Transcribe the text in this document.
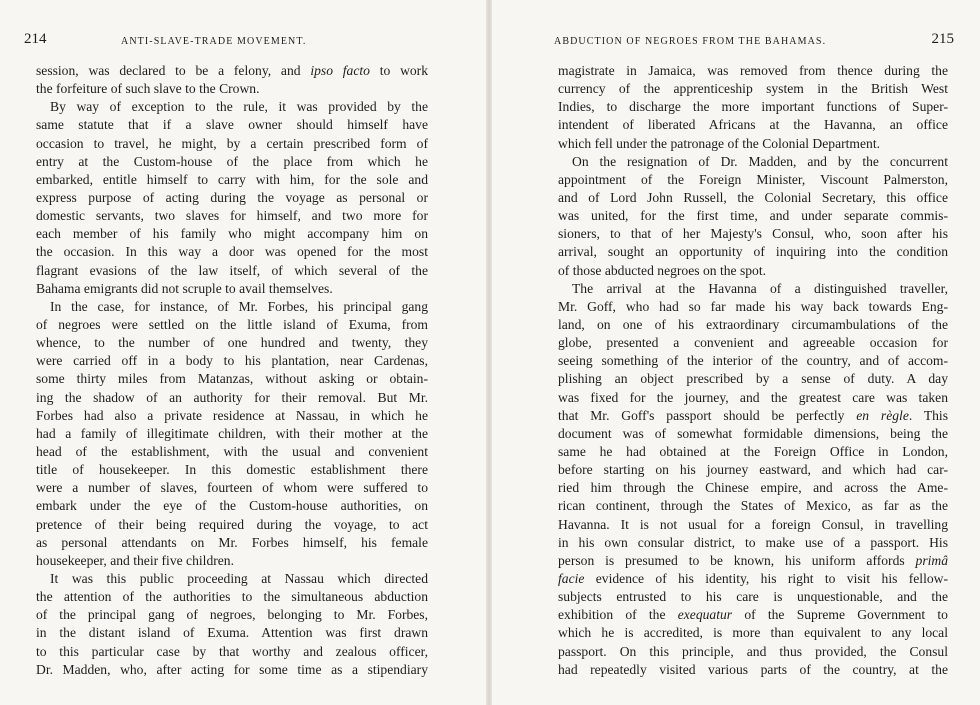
214	ANTI-SLAVE-TRADE MOVEMENT.
session, was declared to be a felony, and ipso facto to work
the forfeiture of such slave to the Crown.
By way of exception to the rule, it was provided by the
same statute that if a slave owner should himself have
occasion to travel, he might, by a certain prescribed form of
entry at the Custom-house of the place from which he
embarked, entitle himself to carry with him, for the sole and
express purpose of acting during the voyage as personal or
domestic servants, two slaves for himself, and two more for
each member of his family who might accompany him on
the occasion. In this way a door was opened for the most
flagrant evasions of the law itself, of which several of the
Bahama emigrants did not scruple to avail themselves.
In the case, for instance, of Mr. Forbes, his principal gang
of negroes were settled on the little island of Exuma, from
whence, to the number of one hundred and twenty, they
were carried off in a body to his plantation, near Cardenas,
some thirty miles from Matanzas, without asking or obtain-
ing the shadow of an authority for their removal. But Mr.
Forbes had also a private residence at Nassau, in which he
had a family of illegitimate children, with their mother at the
head of the establishment, with the usual and convenient
title of housekeeper. In this domestic establishment there
were a number of slaves, fourteen of whom were suffered to
embark under the eye of the Custom-house authorities, on
pretence of their being required during the voyage, to act
as personal attendants on Mr. Forbes himself, his female
housekeeper, and their five children.
It was this public proceeding at Nassau which directed
the attention of the authorities to the simultaneous abduction
of the principal gang of negroes, belonging to Mr. Forbes,
in the distant island of Exuma. Attention was first drawn
to this particular case by that worthy and zealous officer,
Dr. Madden, who, after acting for some time as a stipendiary
ABDUCTION OF NEGROES FROM THE BAHAMAS.	215
magistrate in Jamaica, was removed from thence during the
currency of the apprenticeship system in the British West
Indies, to discharge the more important functions of Super-
intendent of liberated Africans at the Havanna, an office
which fell under the patronage of the Colonial Department.
On the resignation of Dr. Madden, and by the concurrent
appointment of the Foreign Minister, Viscount Palmerston,
and of Lord John Russell, the Colonial Secretary, this office
was united, for the first time, and under separate commis-
sioners, to that of her Majesty's Consul, who, soon after his
arrival, sought an opportunity of inquiring into the condition
of those abducted negroes on the spot.
The arrival at the Havanna of a distinguished traveller,
Mr. Goff, who had so far made his way back towards Eng-
land, on one of his extraordinary circumambulations of the
globe, presented a convenient and agreeable occasion for
seeing something of the interior of the country, and of accom-
plishing an object prescribed by a sense of duty. A day
was fixed for the journey, and the greatest care was taken
that Mr. Goff's passport should be perfectly en règle. This
document was of somewhat formidable dimensions, being the
same he had obtained at the Foreign Office in London,
before starting on his journey eastward, and which had car-
ried him through the Chinese empire, and across the Ame-
rican continent, through the States of Mexico, as far as the
Havanna. It is not usual for a foreign Consul, in travelling
in his own consular district, to make use of a passport. His
person is presumed to be known, his uniform affords primâ
facie evidence of his identity, his right to visit his fellow-
subjects entrusted to his care is unquestionable, and the
exhibition of the exequatur of the Supreme Government to
which he is accredited, is more than equivalent to any local
passport. On this principle, and thus provided, the Consul
had repeatedly visited various parts of the country, at the
